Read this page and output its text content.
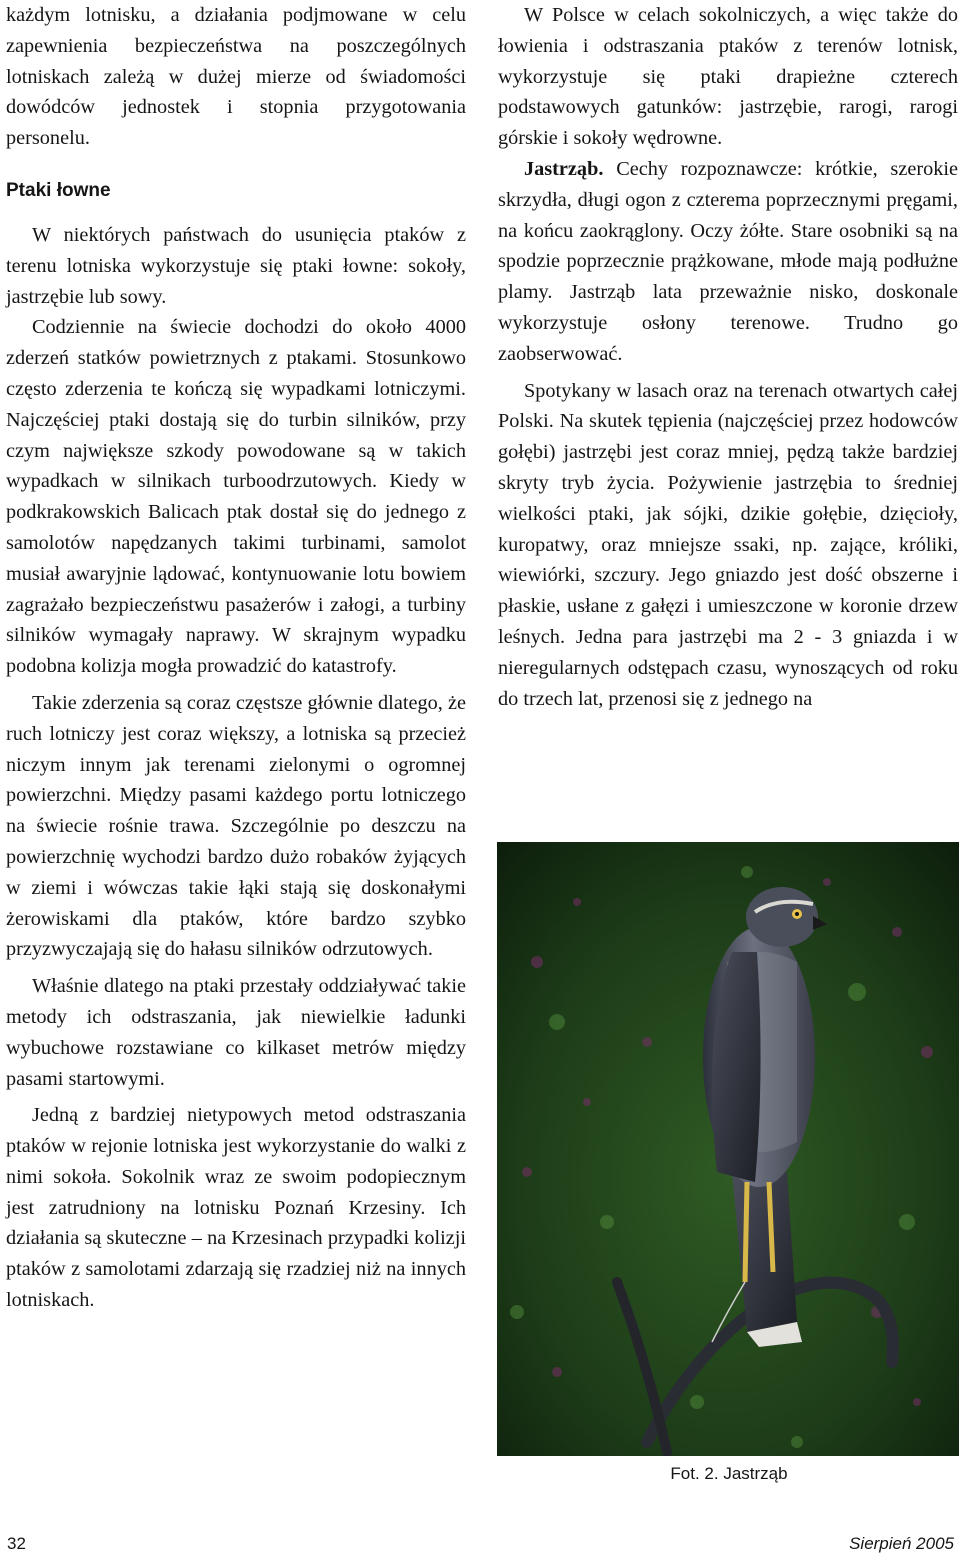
każdym lotnisku, a działania podjmowane w celu zapewnienia bezpieczeństwa na poszczególnych lotniskach zależą w dużej mierze od świadomości dowódców jednostek i stopnia przygotowania personelu.

Ptaki łowne

W niektórych państwach do usunięcia ptaków z terenu lotniska wykorzystuje się ptaki łowne: sokoły, jastrzębie lub sowy.

Codziennie na świecie dochodzi do około 4000 zderzeń statków powietrznych z ptakami. Stosunkowo często zderzenia te kończą się wypadkami lotniczymi. Najczęściej ptaki dostają się do turbin silników, przy czym największe szkody powodowane są w takich wypadkach w silnikach turboodrzutowych. Kiedy w podkrakowskich Balicach ptak dostał się do jednego z samolotów napędzanych takimi turbinami, samolot musiał awaryjnie lądować, kontynuowanie lotu bowiem zagrażało bezpieczeństwu pasażerów i załogi, a turbiny silników wymagały naprawy. W skrajnym wypadku podobna kolizja mogła prowadzić do katastrofy.

Takie zderzenia są coraz częstsze głównie dlatego, że ruch lotniczy jest coraz większy, a lotniska są przecież niczym innym jak terenami zielonymi o ogromnej powierzchni. Między pasami każdego portu lotniczego na świecie rośnie trawa. Szczególnie po deszczu na powierzchnię wychodzi bardzo dużo robaków żyjących w ziemi i wówczas takie łąki stają się doskonałymi żerowiskami dla ptaków, które bardzo szybko przyzwyczajają się do hałasu silników odrzutowych.

Właśnie dlatego na ptaki przestały oddziaływać takie metody ich odstraszania, jak niewielkie ładunki wybuchowe rozstawiane co kilkaset metrów między pasami startowymi.

Jedną z bardziej nietypowych metod odstraszania ptaków w rejonie lotniska jest wykorzystanie do walki z nimi sokoła. Sokolnik wraz ze swoim podopiecznym jest zatrudniony na lotnisku Poznań Krzesiny. Ich działania są skuteczne – na Krzesinach przypadki kolizji ptaków z samolotami zdarzają się rzadziej niż na innych lotniskach.

W Polsce w celach sokolniczych, a więc także do łowienia i odstraszania ptaków z terenów lotnisk, wykorzystuje się ptaki drapieżne czterech podstawowych gatunków: jastrzębie, rarogi, rarogi górskie i sokoły wędrowne.

Jastrząb. Cechy rozpoznawcze: krótkie, szerokie skrzydła, długi ogon z czterema poprzecznymi pręgami, na końcu zaokrąglony. Oczy żółte. Stare osobniki są na spodzie poprzecznie prążkowane, młode mają podłużne plamy. Jastrząb lata przeważnie nisko, doskonale wykorzystuje osłony terenowe. Trudno go zaobserwować.

Spotykany w lasach oraz na terenach otwartych całej Polski. Na skutek tępienia (najczęściej przez hodowców gołębi) jastrzębi jest coraz mniej, pędzą także bardziej skryty tryb życia. Pożywienie jastrzębia to średniej wielkości ptaki, jak sójki, dzikie gołębie, dzięcioły, kuropatwy, oraz mniejsze ssaki, np. zające, króliki, wiewiórki, szczury. Jego gniazdo jest dość obszerne i płaskie, usłane z gałęzi i umieszczone w koronie drzew leśnych. Jedna para jastrzębi ma 2 - 3 gniazda i w nieregularnych odstępach czasu, wynoszących od roku do trzech lat, przenosi się z jednego na

Fot. 2. Jastrząb
32	Sierpień 2005
